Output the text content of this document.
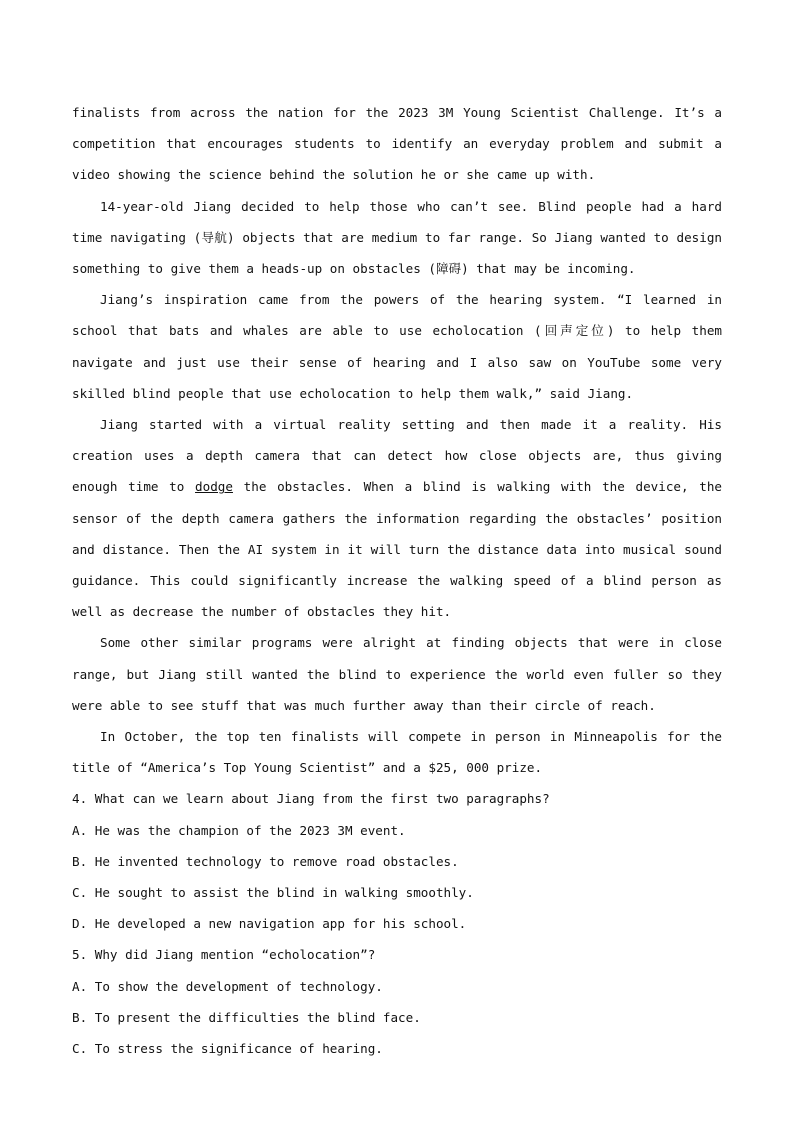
finalists from across the nation for the 2023 3M Young Scientist Challenge. It’s a competition that encourages students to identify an everyday problem and submit a video showing the science behind the solution he or she came up with.

14-year-old Jiang decided to help those who can’t see. Blind people had a hard time navigating (导航) objects that are medium to far range. So Jiang wanted to design something to give them a heads-up on obstacles (障碍) that may be incoming.

Jiang’s inspiration came from the powers of the hearing system. “I learned in school that bats and whales are able to use echolocation (回声定位) to help them navigate and just use their sense of hearing and I also saw on YouTube some very skilled blind people that use echolocation to help them walk,” said Jiang.

Jiang started with a virtual reality setting and then made it a reality. His creation uses a depth camera that can detect how close objects are, thus giving enough time to dodge the obstacles. When a blind is walking with the device, the sensor of the depth camera gathers the information regarding the obstacles’ position and distance. Then the AI system in it will turn the distance data into musical sound guidance. This could significantly increase the walking speed of a blind person as well as decrease the number of obstacles they hit.

Some other similar programs were alright at finding objects that were in close range, but Jiang still wanted the blind to experience the world even fuller so they were able to see stuff that was much further away than their circle of reach.

In October, the top ten finalists will compete in person in Minneapolis for the title of “America’s Top Young Scientist” and a $25, 000 prize.

4. What can we learn about Jiang from the first two paragraphs?

A. He was the champion of the 2023 3M event.

B. He invented technology to remove road obstacles.

C. He sought to assist the blind in walking smoothly.

D. He developed a new navigation app for his school.

5. Why did Jiang mention “echolocation”?

A. To show the development of technology.

B. To present the difficulties the blind face.

C. To stress the significance of hearing.
